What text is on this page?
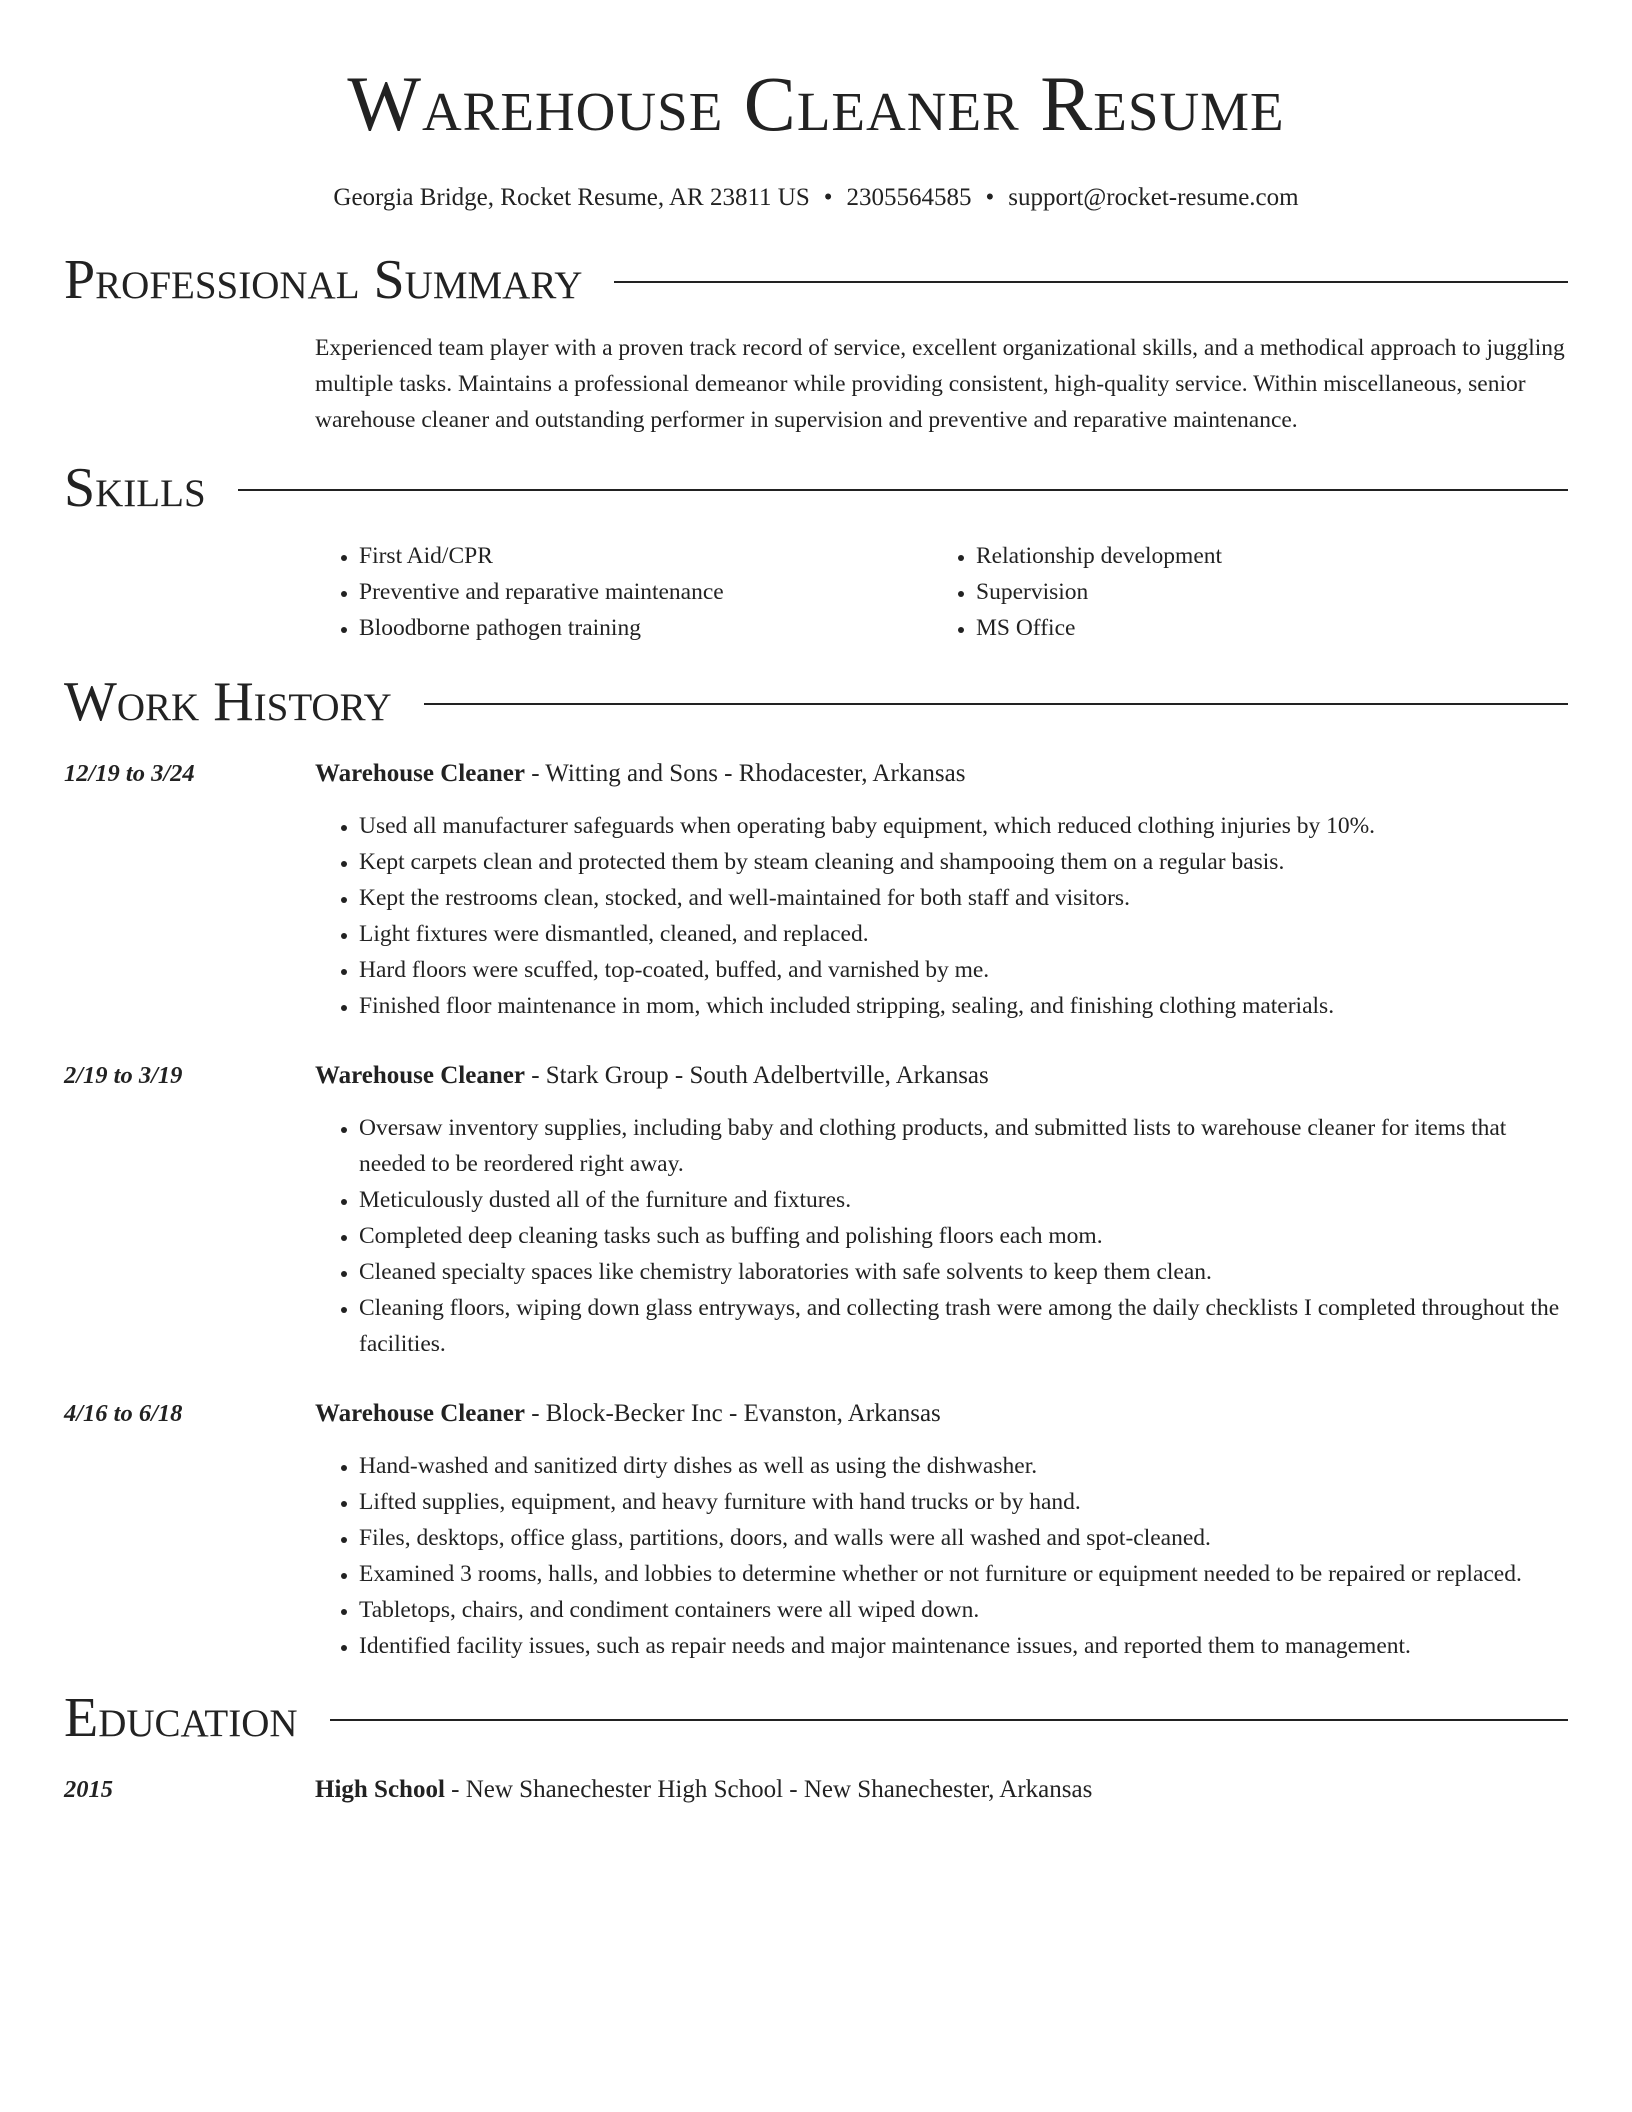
Warehouse Cleaner Resume
Georgia Bridge, Rocket Resume, AR 23811 US • 2305564585 • support@rocket-resume.com
Professional Summary
Experienced team player with a proven track record of service, excellent organizational skills, and a methodical approach to juggling multiple tasks. Maintains a professional demeanor while providing consistent, high-quality service. Within miscellaneous, senior warehouse cleaner and outstanding performer in supervision and preventive and reparative maintenance.
Skills
• First Aid/CPR
• Preventive and reparative maintenance
• Bloodborne pathogen training
• Relationship development
• Supervision
• MS Office
Work History
12/19 to 3/24	Warehouse Cleaner - Witting and Sons - Rhodacester, Arkansas
• Used all manufacturer safeguards when operating baby equipment, which reduced clothing injuries by 10%.
• Kept carpets clean and protected them by steam cleaning and shampooing them on a regular basis.
• Kept the restrooms clean, stocked, and well-maintained for both staff and visitors.
• Light fixtures were dismantled, cleaned, and replaced.
• Hard floors were scuffed, top-coated, buffed, and varnished by me.
• Finished floor maintenance in mom, which included stripping, sealing, and finishing clothing materials.
2/19 to 3/19	Warehouse Cleaner - Stark Group - South Adelbertville, Arkansas
• Oversaw inventory supplies, including baby and clothing products, and submitted lists to warehouse cleaner for items that needed to be reordered right away.
• Meticulously dusted all of the furniture and fixtures.
• Completed deep cleaning tasks such as buffing and polishing floors each mom.
• Cleaned specialty spaces like chemistry laboratories with safe solvents to keep them clean.
• Cleaning floors, wiping down glass entryways, and collecting trash were among the daily checklists I completed throughout the facilities.
4/16 to 6/18	Warehouse Cleaner - Block-Becker Inc - Evanston, Arkansas
• Hand-washed and sanitized dirty dishes as well as using the dishwasher.
• Lifted supplies, equipment, and heavy furniture with hand trucks or by hand.
• Files, desktops, office glass, partitions, doors, and walls were all washed and spot-cleaned.
• Examined 3 rooms, halls, and lobbies to determine whether or not furniture or equipment needed to be repaired or replaced.
• Tabletops, chairs, and condiment containers were all wiped down.
• Identified facility issues, such as repair needs and major maintenance issues, and reported them to management.
Education
2015	High School - New Shanechester High School - New Shanechester, Arkansas
